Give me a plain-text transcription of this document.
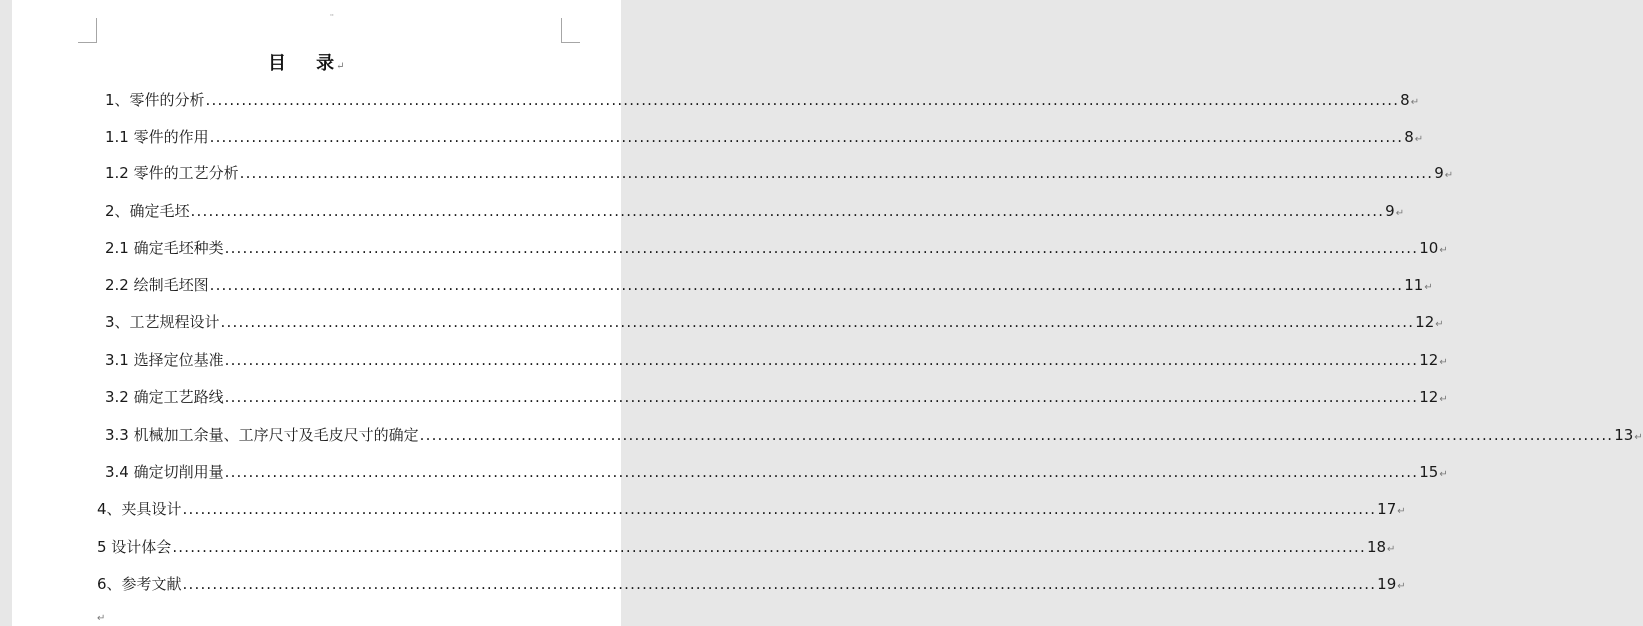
''
目    录↵
1、零件的分析 ........................................................................................................................................................................................................ 8 ↵
1.1 零件的作用 ........................................................................................................................................................................................................ 8 ↵
1.2 零件的工艺分析 ........................................................................................................................................................................................................ 9 ↵
2、确定毛坯 ........................................................................................................................................................................................................ 9 ↵
2.1 确定毛坯种类 ........................................................................................................................................................................................................ 10 ↵
2.2 绘制毛坯图 ........................................................................................................................................................................................................ 11 ↵
3、工艺规程设计 ........................................................................................................................................................................................................ 12 ↵
3.1 选择定位基准 ........................................................................................................................................................................................................ 12 ↵
3.2 确定工艺路线 ........................................................................................................................................................................................................ 12 ↵
3.3 机械加工余量、工序尺寸及毛皮尺寸的确定 ........................................................................................................................................................................................................ 13 ↵
3.4 确定切削用量 ........................................................................................................................................................................................................ 15 ↵
4、夹具设计 ........................................................................................................................................................................................................ 17 ↵
5 设计体会 ........................................................................................................................................................................................................ 18 ↵
6、参考文献 ........................................................................................................................................................................................................ 19 ↵
↵
